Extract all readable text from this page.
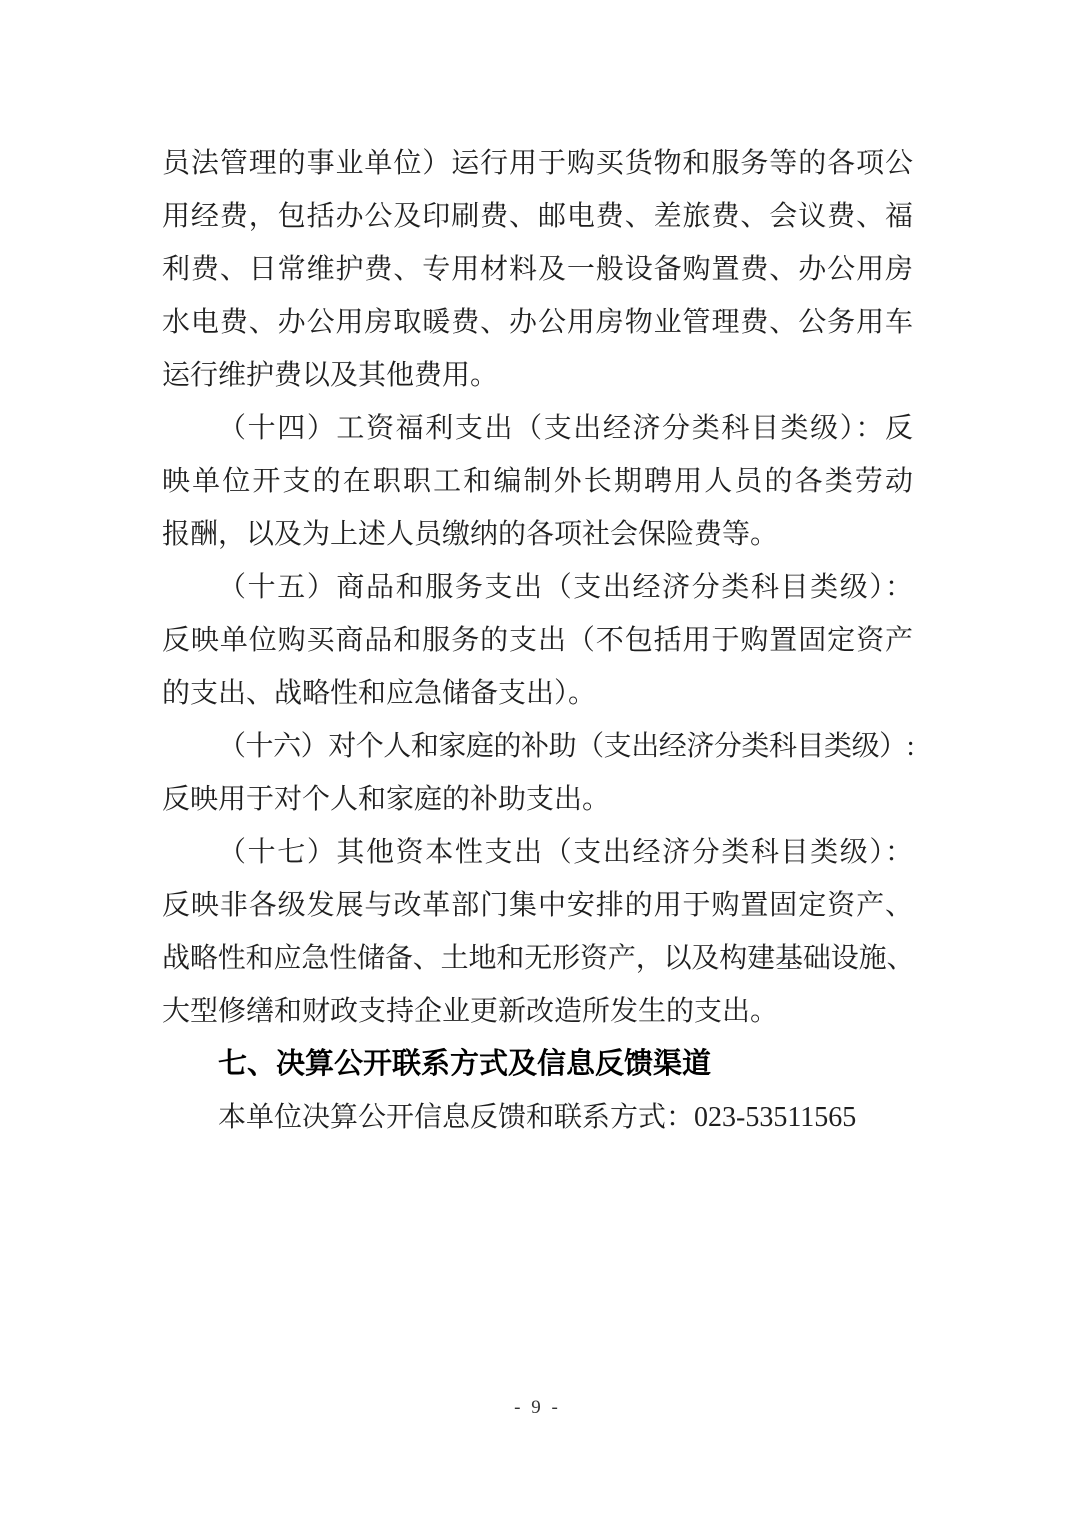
员法管理的事业单位）运行用于购买货物和服务等的各项公
用经费，包括办公及印刷费、邮电费、差旅费、会议费、福
利费、日常维护费、专用材料及一般设备购置费、办公用房
水电费、办公用房取暖费、办公用房物业管理费、公务用车
运行维护费以及其他费用。
（十四）工资福利支出（支出经济分类科目类级）：反
映单位开支的在职职工和编制外长期聘用人员的各类劳动
报酬，以及为上述人员缴纳的各项社会保险费等。
（十五）商品和服务支出（支出经济分类科目类级）：
反映单位购买商品和服务的支出（不包括用于购置固定资产
的支出、战略性和应急储备支出）。
（十六）对个人和家庭的补助（支出经济分类科目类级）:
反映用于对个人和家庭的补助支出。
（十七）其他资本性支出（支出经济分类科目类级）：
反映非各级发展与改革部门集中安排的用于购置固定资产、
战略性和应急性储备、土地和无形资产，以及构建基础设施、
大型修缮和财政支持企业更新改造所发生的支出。
七、决算公开联系方式及信息反馈渠道
本单位决算公开信息反馈和联系方式：023-53511565
- 9 -
